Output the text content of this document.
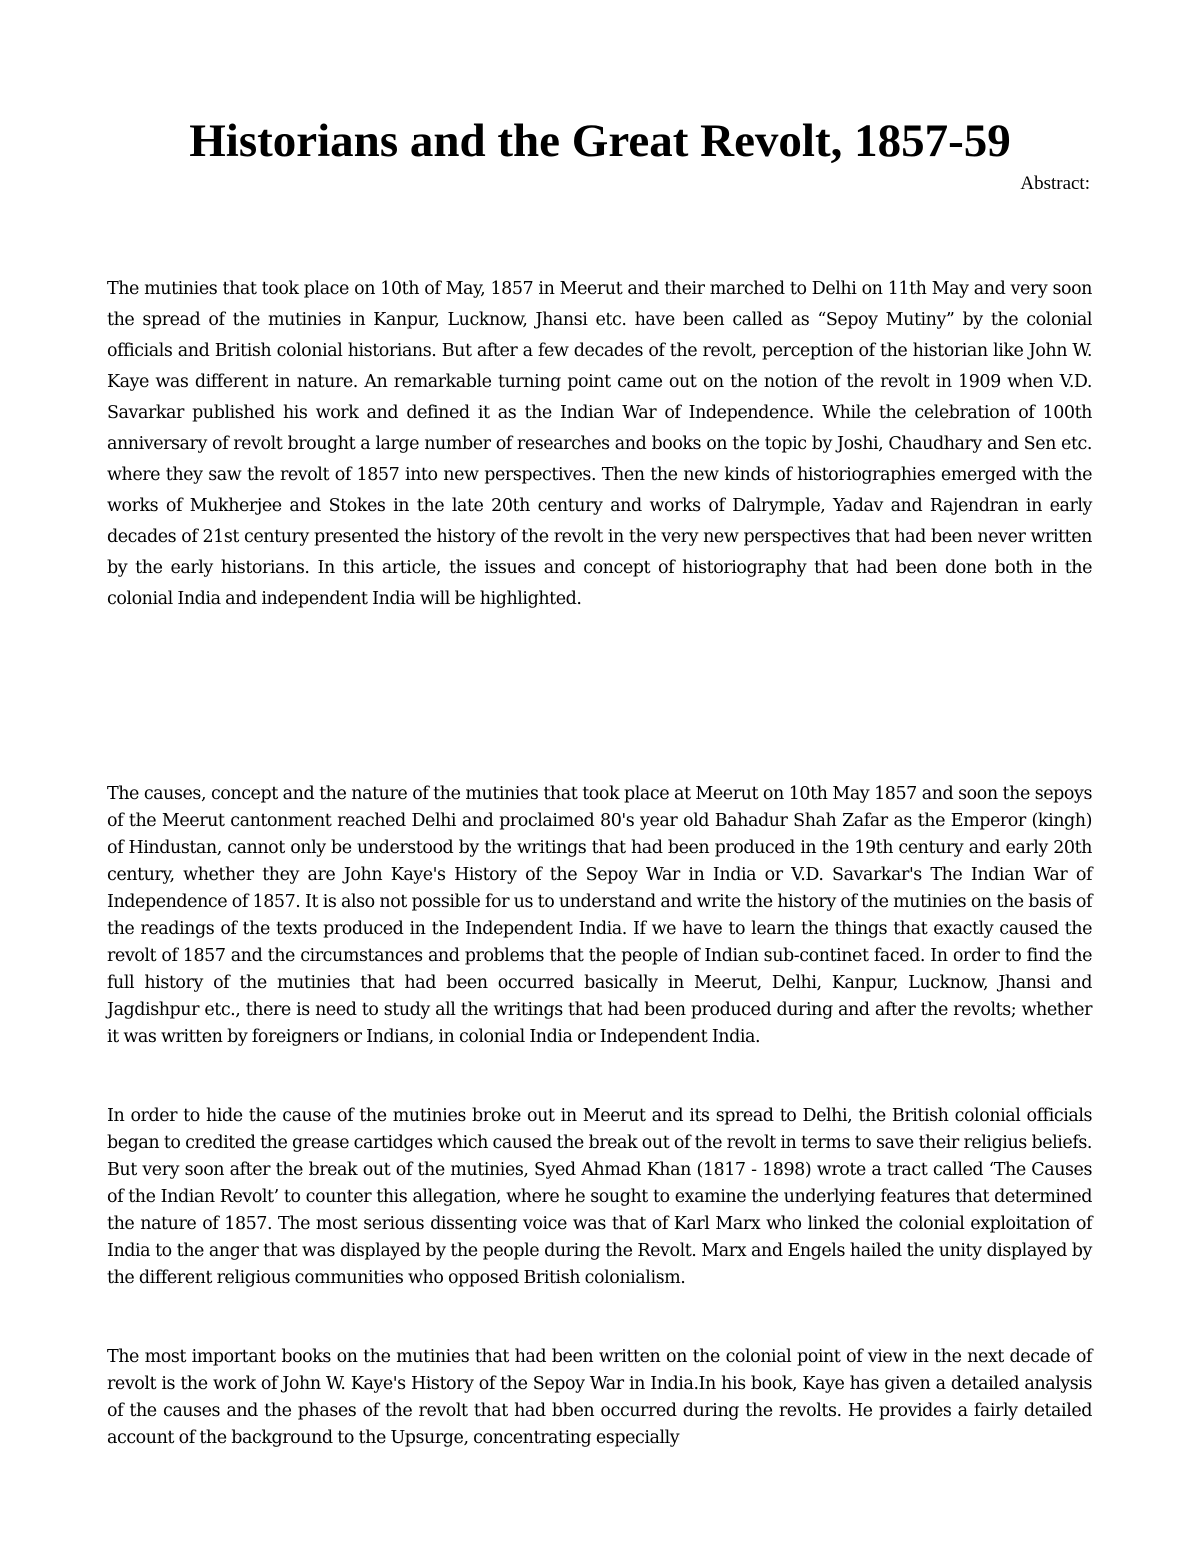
Historians and the Great Revolt, 1857-59
Abstract:

The mutinies that took place on 10th of May, 1857 in Meerut and their marched to Delhi on 11th May and very soon the spread of the mutinies in Kanpur, Lucknow, Jhansi etc. have been called as “Sepoy Mutiny” by the colonial officials and British colonial historians. But after a few decades of the revolt, perception of the historian like John W. Kaye was different in nature. An remarkable turning point came out on the notion of the revolt in 1909 when V.D. Savarkar published his work and defined it as the Indian War of Independence. While the celebration of 100th anniversary of revolt brought a large number of researches and books on the topic by Joshi, Chaudhary and Sen etc. where they saw the revolt of 1857 into new perspectives. Then the new kinds of historiographies emerged with the works of Mukherjee and Stokes in the late 20th century and works of Dalrymple, Yadav and Rajendran in early decades of 21st century presented the history of the revolt in the very new perspectives that had been never written by the early historians. In this article, the issues and concept of historiography that had been done both in the colonial India and independent India will be highlighted.

The causes, concept and the nature of the mutinies that took place at Meerut on 10th May 1857 and soon the sepoys of the Meerut cantonment reached Delhi and proclaimed 80's year old Bahadur Shah Zafar as the Emperor (kingh) of Hindustan, cannot only be understood by the writings that had been produced in the 19th century and early 20th century, whether they are John Kaye's History of the Sepoy War in India or V.D. Savarkar's The Indian War of Independence of 1857. It is also not possible for us to understand and write the history of the mutinies on the basis of the readings of the texts produced in the Independent India. If we have to learn the things that exactly caused the revolt of 1857 and the circumstances and problems that the people of Indian sub-continet faced. In order to find the full history of the mutinies that had been occurred basically in Meerut, Delhi, Kanpur, Lucknow, Jhansi and Jagdishpur etc., there is need to study all the writings that had been produced during and after the revolts; whether it was written by foreigners or Indians, in colonial India or Independent India.

In order to hide the cause of the mutinies broke out in Meerut and its spread to Delhi, the British colonial officials began to credited the grease cartidges which caused the break out of the revolt in terms to save their religius beliefs. But very soon after the break out of the mutinies, Syed Ahmad Khan (1817 - 1898) wrote a tract called ‘The Causes of the Indian Revolt’ to counter this allegation, where he sought to examine the underlying features that determined the nature of 1857. The most serious dissenting voice was that of Karl Marx who linked the colonial exploitation of India to the anger that was displayed by the people during the Revolt. Marx and Engels hailed the unity displayed by the different religious communities who opposed British colonialism.

The most important books on the mutinies that had been written on the colonial point of view in the next decade of revolt is the work of John W. Kaye's History of the Sepoy War in India.In his book, Kaye has given a detailed analysis of the causes and the phases of the revolt that had bben occurred during the revolts. He provides a fairly detailed account of the background to the Upsurge, concentrating especially
